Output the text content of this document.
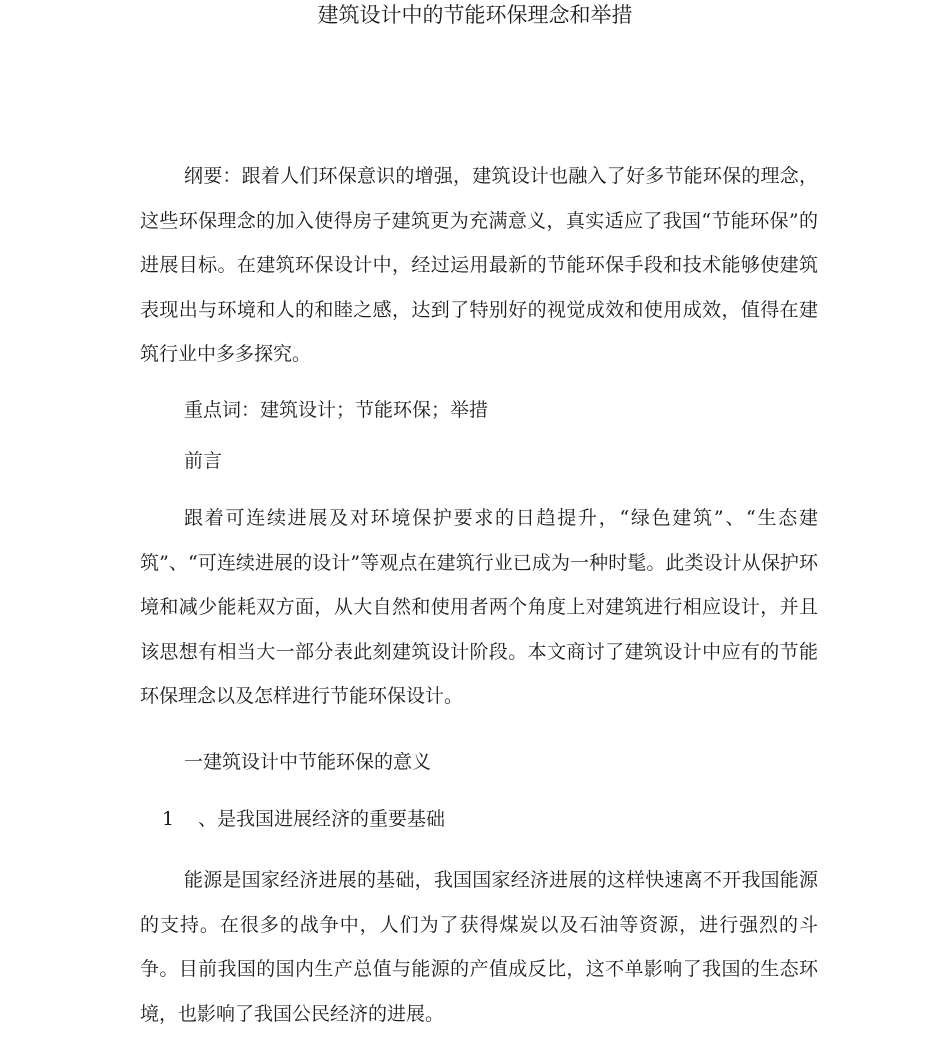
建筑设计中的节能环保理念和举措

纲要：跟着人们环保意识的增强，建筑设计也融入了好多节能环保的理念，这些环保理念的加入使得房子建筑更为充满意义，真实适应了我国“节能环保”的进展目标。在建筑环保设计中，经过运用最新的节能环保手段和技术能够使建筑表现出与环境和人的和睦之感，达到了特别好的视觉成效和使用成效，值得在建筑行业中多多探究。

重点词：建筑设计；节能环保；举措
前言

跟着可连续进展及对环境保护要求的日趋提升，“绿色建筑”、“生态建筑”、“可连续进展的设计”等观点在建筑行业已成为一种时髦。此类设计从保护环境和减少能耗双方面，从大自然和使用者两个角度上对建筑进行相应设计，并且该思想有相当大一部分表此刻建筑设计阶段。本文商讨了建筑设计中应有的节能环保理念以及怎样进行节能环保设计。

一建筑设计中节能环保的意义
1 、是我国进展经济的重要基础

能源是国家经济进展的基础，我国国家经济进展的这样快速离不开我国能源的支持。在很多的战争中，人们为了获得煤炭以及石油等资源，进行强烈的斗争。目前我国的国内生产总值与能源的产值成反比，这不单影响了我国的生态环境，也影响了我国公民经济的进展。
